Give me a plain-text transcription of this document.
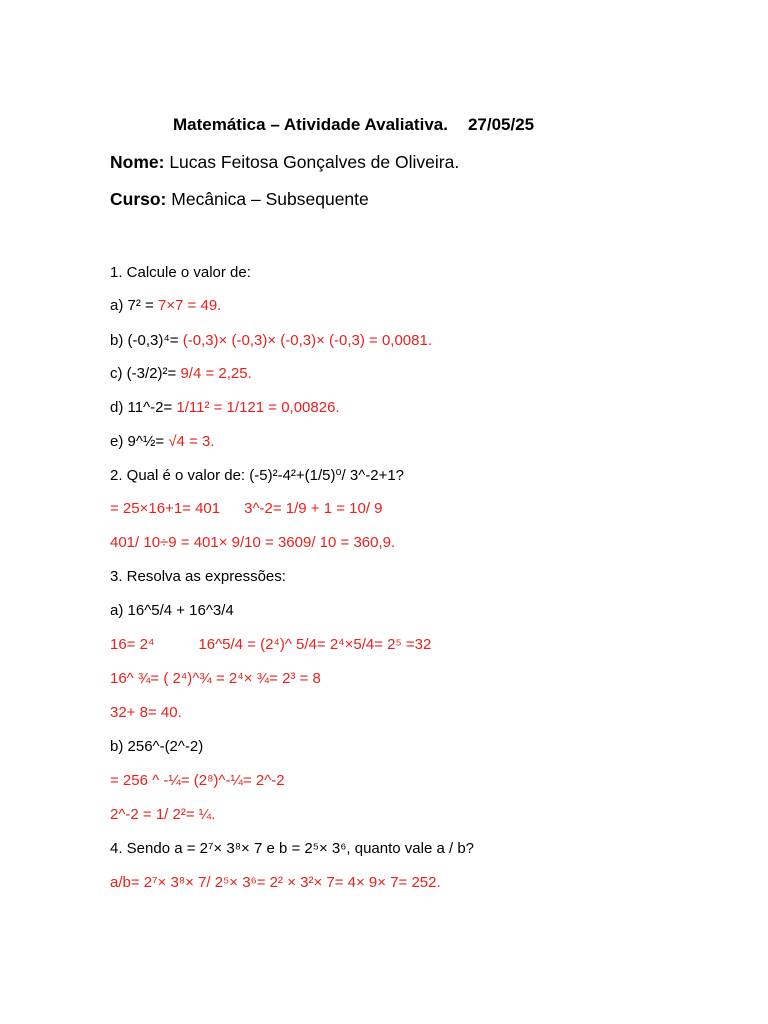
Matemática – Atividade Avaliativa. 27/05/25
Nome: Lucas Feitosa Gonçalves de Oliveira.
Curso: Mecânica – Subsequente
1. Calcule o valor de:
a) 7² = 7×7 = 49.
b) (-0,3)⁴= (-0,3)× (-0,3)× (-0,3)× (-0,3) = 0,0081.
c) (-3/2)²= 9/4 = 2,25.
d) 11^-2= 1/11² = 1/121 = 0,00826.
e) 9^½= √4 = 3.
2. Qual é o valor de: (-5)²-4²+(1/5)⁰/ 3^-2+1?
= 25×16+1= 401 3^-2= 1/9 + 1 = 10/ 9
401/ 10÷9 = 401× 9/10 = 3609/ 10 = 360,9.
3. Resolva as expressões:
a) 16^5/4 + 16^3/4
16= 2⁴	16^5/4 = (2⁴)^ 5/4= 2⁴×5/4= 2⁵ =32
16^ ¾= ( 2⁴)^¾ = 2⁴× ¾= 2³ = 8
32+ 8= 40.
b) 256^-(2^-2)
= 256 ^ -¼= (2⁸)^-¼= 2^-2
2^-2 = 1/ 2²= ¼.
4. Sendo a = 2⁷× 3⁸× 7 e b = 2⁵× 3⁶, quanto vale a / b?
a/b= 2⁷× 3⁸× 7/ 2⁵× 3⁶= 2² × 3²× 7= 4× 9× 7= 252.
